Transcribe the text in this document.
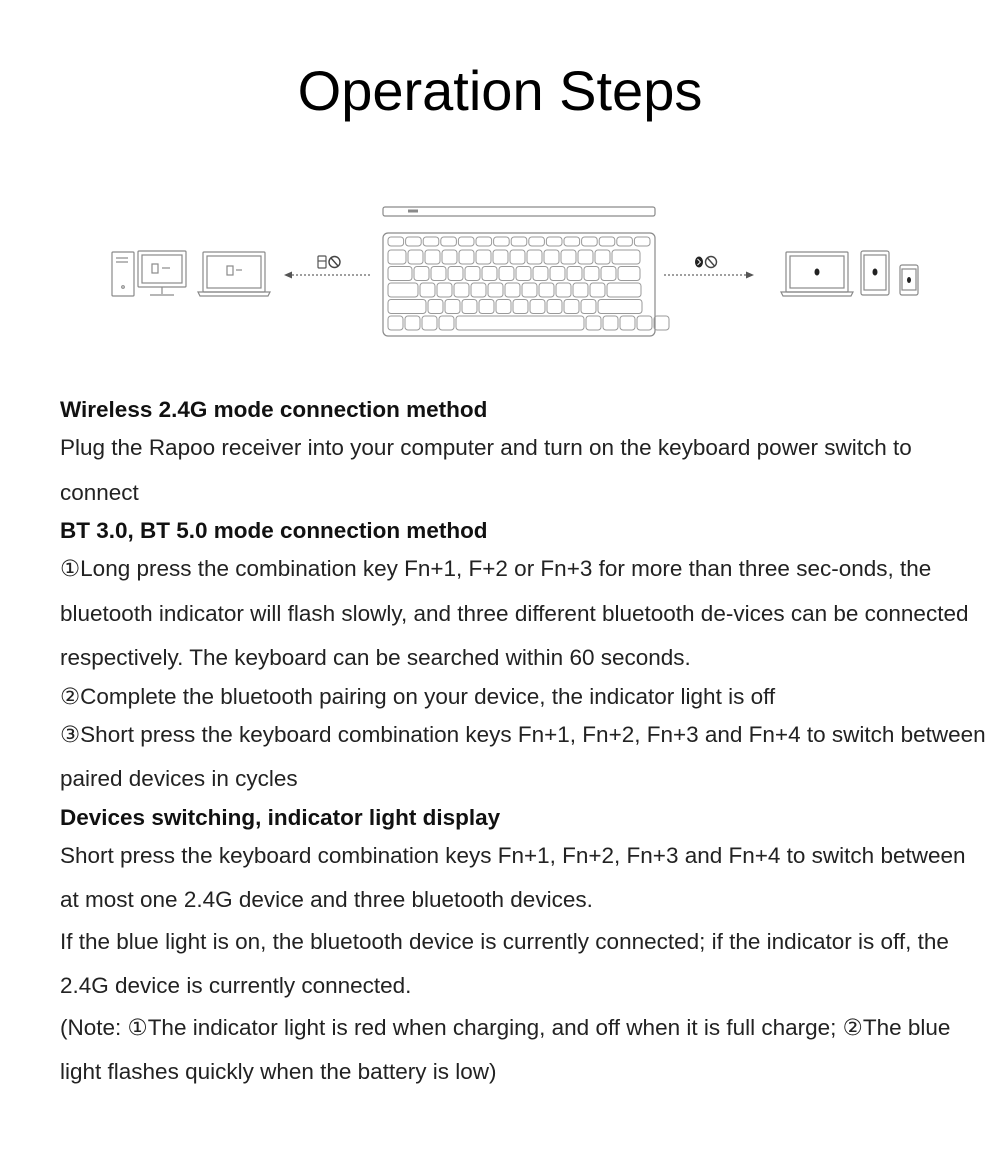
Operation Steps
Wireless 2.4G mode connection method
Plug the Rapoo receiver into your computer and turn on the keyboard power switch to connect
BT 3.0, BT 5.0 mode connection method
①Long press the combination key Fn+1, F+2 or Fn+3 for more than three sec-onds, the bluetooth indicator will flash slowly, and three different bluetooth de-vices can be connected respectively. The keyboard can be searched within 60 seconds.
②Complete the bluetooth pairing on your device, the indicator light is off
③Short press the keyboard combination keys Fn+1, Fn+2, Fn+3 and Fn+4 to switch between paired devices in cycles
Devices switching, indicator light display
Short press the keyboard combination keys Fn+1, Fn+2, Fn+3 and Fn+4 to switch between at most one 2.4G device and three bluetooth devices.
If the blue light is on, the bluetooth device is currently connected; if the indicator is off, the 2.4G device is currently connected.
(Note: ①The indicator light is red when charging, and off when it is full charge; ②The blue light flashes quickly when the battery is low)
